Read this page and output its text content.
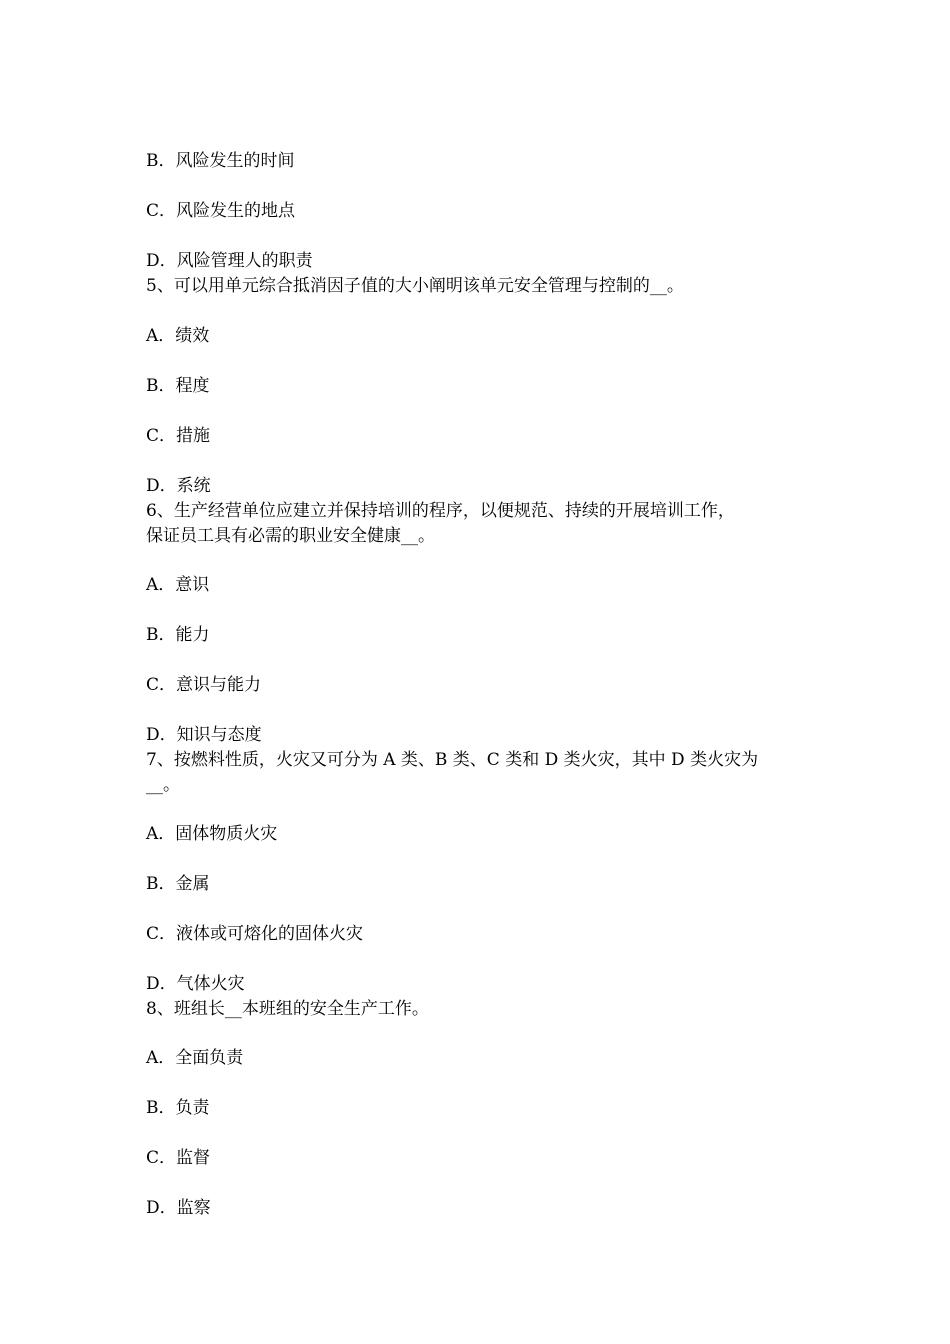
B．风险发生的时间
C．风险发生的地点
D．风险管理人的职责
5、可以用单元综合抵消因子值的大小阐明该单元安全管理与控制的__。
A．绩效
B．程度
C．措施
D．系统
6、生产经营单位应建立并保持培训的程序，以便规范、持续的开展培训工作，
保证员工具有必需的职业安全健康__。
A．意识
B．能力
C．意识与能力
D．知识与态度
7、按燃料性质，火灾又可分为 A 类、B 类、C 类和 D 类火灾，其中 D 类火灾为
__。
A．固体物质火灾
B．金属
C．液体或可熔化的固体火灾
D．气体火灾
8、班组长__本班组的安全生产工作。
A．全面负责
B．负责
C．监督
D．监察
